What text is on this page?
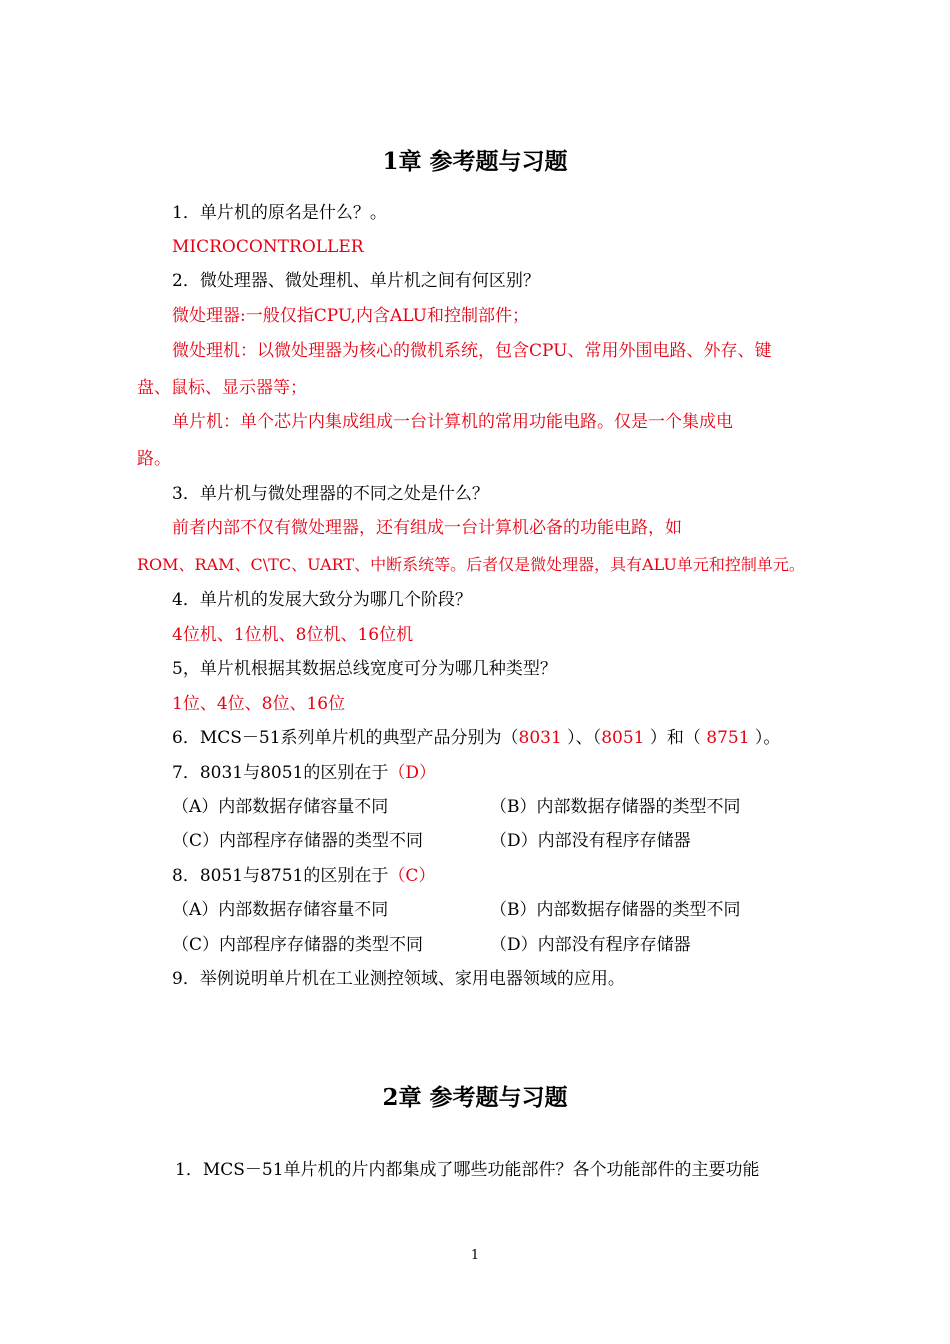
1章 参考题与习题
1．单片机的原名是什么？。
MICROCONTROLLER
2．微处理器、微处理机、单片机之间有何区别？
微处理器:一般仅指CPU,内含ALU和控制部件；
微处理机：以微处理器为核心的微机系统，包含CPU、常用外围电路、外存、键
盘、鼠标、显示器等；
单片机：单个芯片内集成组成一台计算机的常用功能电路。仅是一个集成电
路。
3．单片机与微处理器的不同之处是什么？
前者内部不仅有微处理器，还有组成一台计算机必备的功能电路，如
ROM、RAM、C\TC、UART、中断系统等。后者仅是微处理器，具有ALU单元和控制单元。
4．单片机的发展大致分为哪几个阶段？
4位机、1位机、8位机、16位机
5，单片机根据其数据总线宽度可分为哪几种类型？
1位、4位、8位、16位
6．MCS－51系列单片机的典型产品分别为（8031 ）、（8051 ）和（ 8751 ）。
7．8031与8051的区别在于（D）
（A）内部数据存储容量不同	（B）内部数据存储器的类型不同
（C）内部程序存储器的类型不同	（D）内部没有程序存储器
8．8051与8751的区别在于（C）
（A）内部数据存储容量不同	（B）内部数据存储器的类型不同
（C）内部程序存储器的类型不同	（D）内部没有程序存储器
9．举例说明单片机在工业测控领域、家用电器领域的应用。
2章 参考题与习题
1．MCS－51单片机的片内都集成了哪些功能部件？各个功能部件的主要功能
1
